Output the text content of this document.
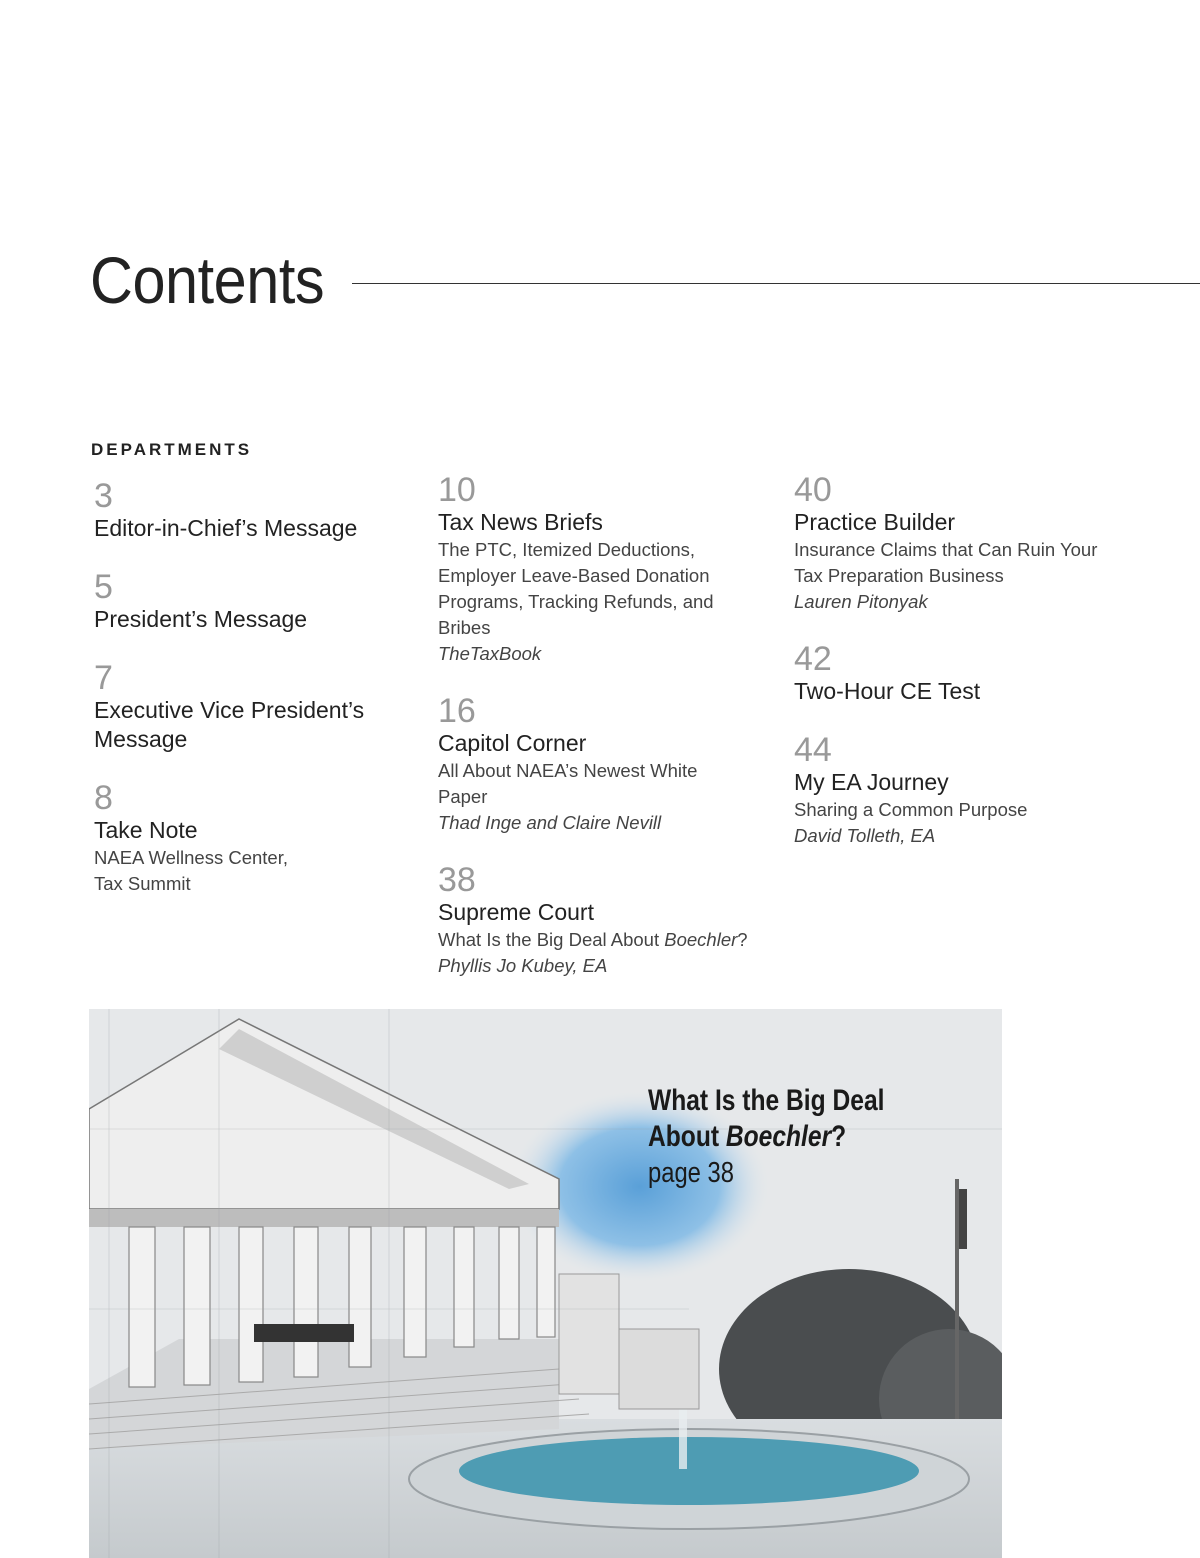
Contents
DEPARTMENTS
3
Editor-in-Chief’s Message
5
President’s Message
7
Executive Vice President’s Message
8
Take Note
NAEA Wellness Center,
Tax Summit
10
Tax News Briefs
The PTC, Itemized Deductions, Employer Leave-Based Donation Programs, Tracking Refunds, and Bribes
TheTaxBook
16
Capitol Corner
All About NAEA’s Newest White Paper
Thad Inge and Claire Nevill
38
Supreme Court
What Is the Big Deal About Boechler?
Phyllis Jo Kubey, EA
40
Practice Builder
Insurance Claims that Can Ruin Your Tax Preparation Business
Lauren Pitonyak
42
Two-Hour CE Test
44
My EA Journey
Sharing a Common Purpose
David Tolleth, EA
What Is the Big Deal
About Boechler?
page 38
